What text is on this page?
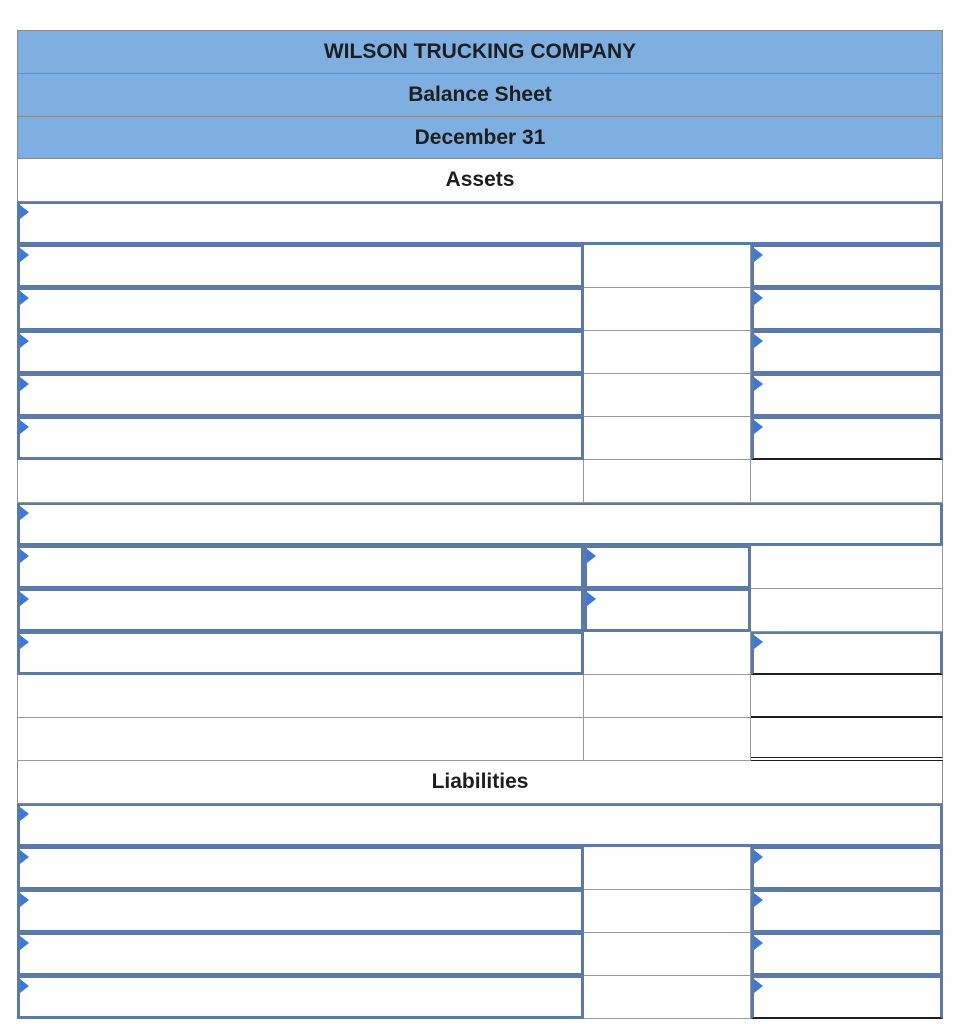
WILSON TRUCKING COMPANY
Balance Sheet
December 31
Assets
Liabilities
